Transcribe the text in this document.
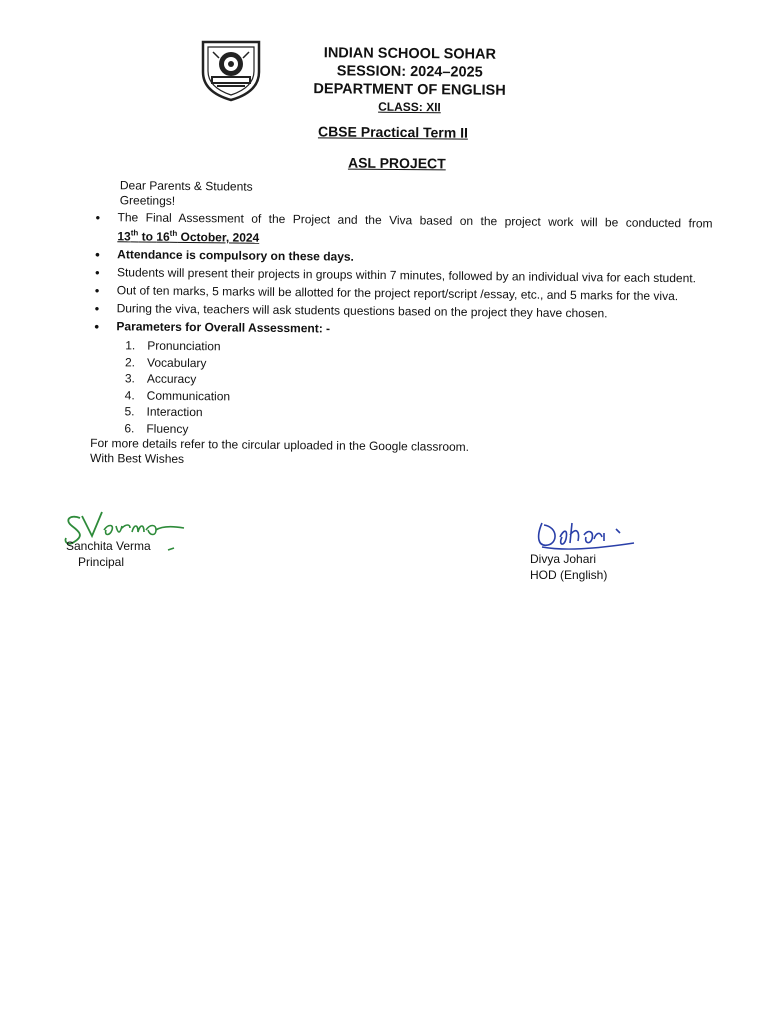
INDIAN SCHOOL SOHAR
SESSION: 2024–2025
DEPARTMENT OF ENGLISH
CLASS: XII
CBSE Practical Term II
ASL PROJECT

Dear Parents & Students

Greetings!

• The Final Assessment of the Project and the Viva based on the project work will be conducted from
13th to 16th October, 2024
• Attendance is compulsory on these days.
• Students will present their projects in groups within 7 minutes, followed by an individual viva for each student.
• Out of ten marks, 5 marks will be allotted for the project report/script /essay, etc., and 5 marks for the viva.
• During the viva, teachers will ask students questions based on the project they have chosen.
• Parameters for Overall Assessment: -
1. Pronunciation
2. Vocabulary
3. Accuracy
4. Communication
5. Interaction
6. Fluency

For more details refer to the circular uploaded in the Google classroom.

With Best Wishes

Sanchita Verma
Principal	Divya Johari
HOD (English)
